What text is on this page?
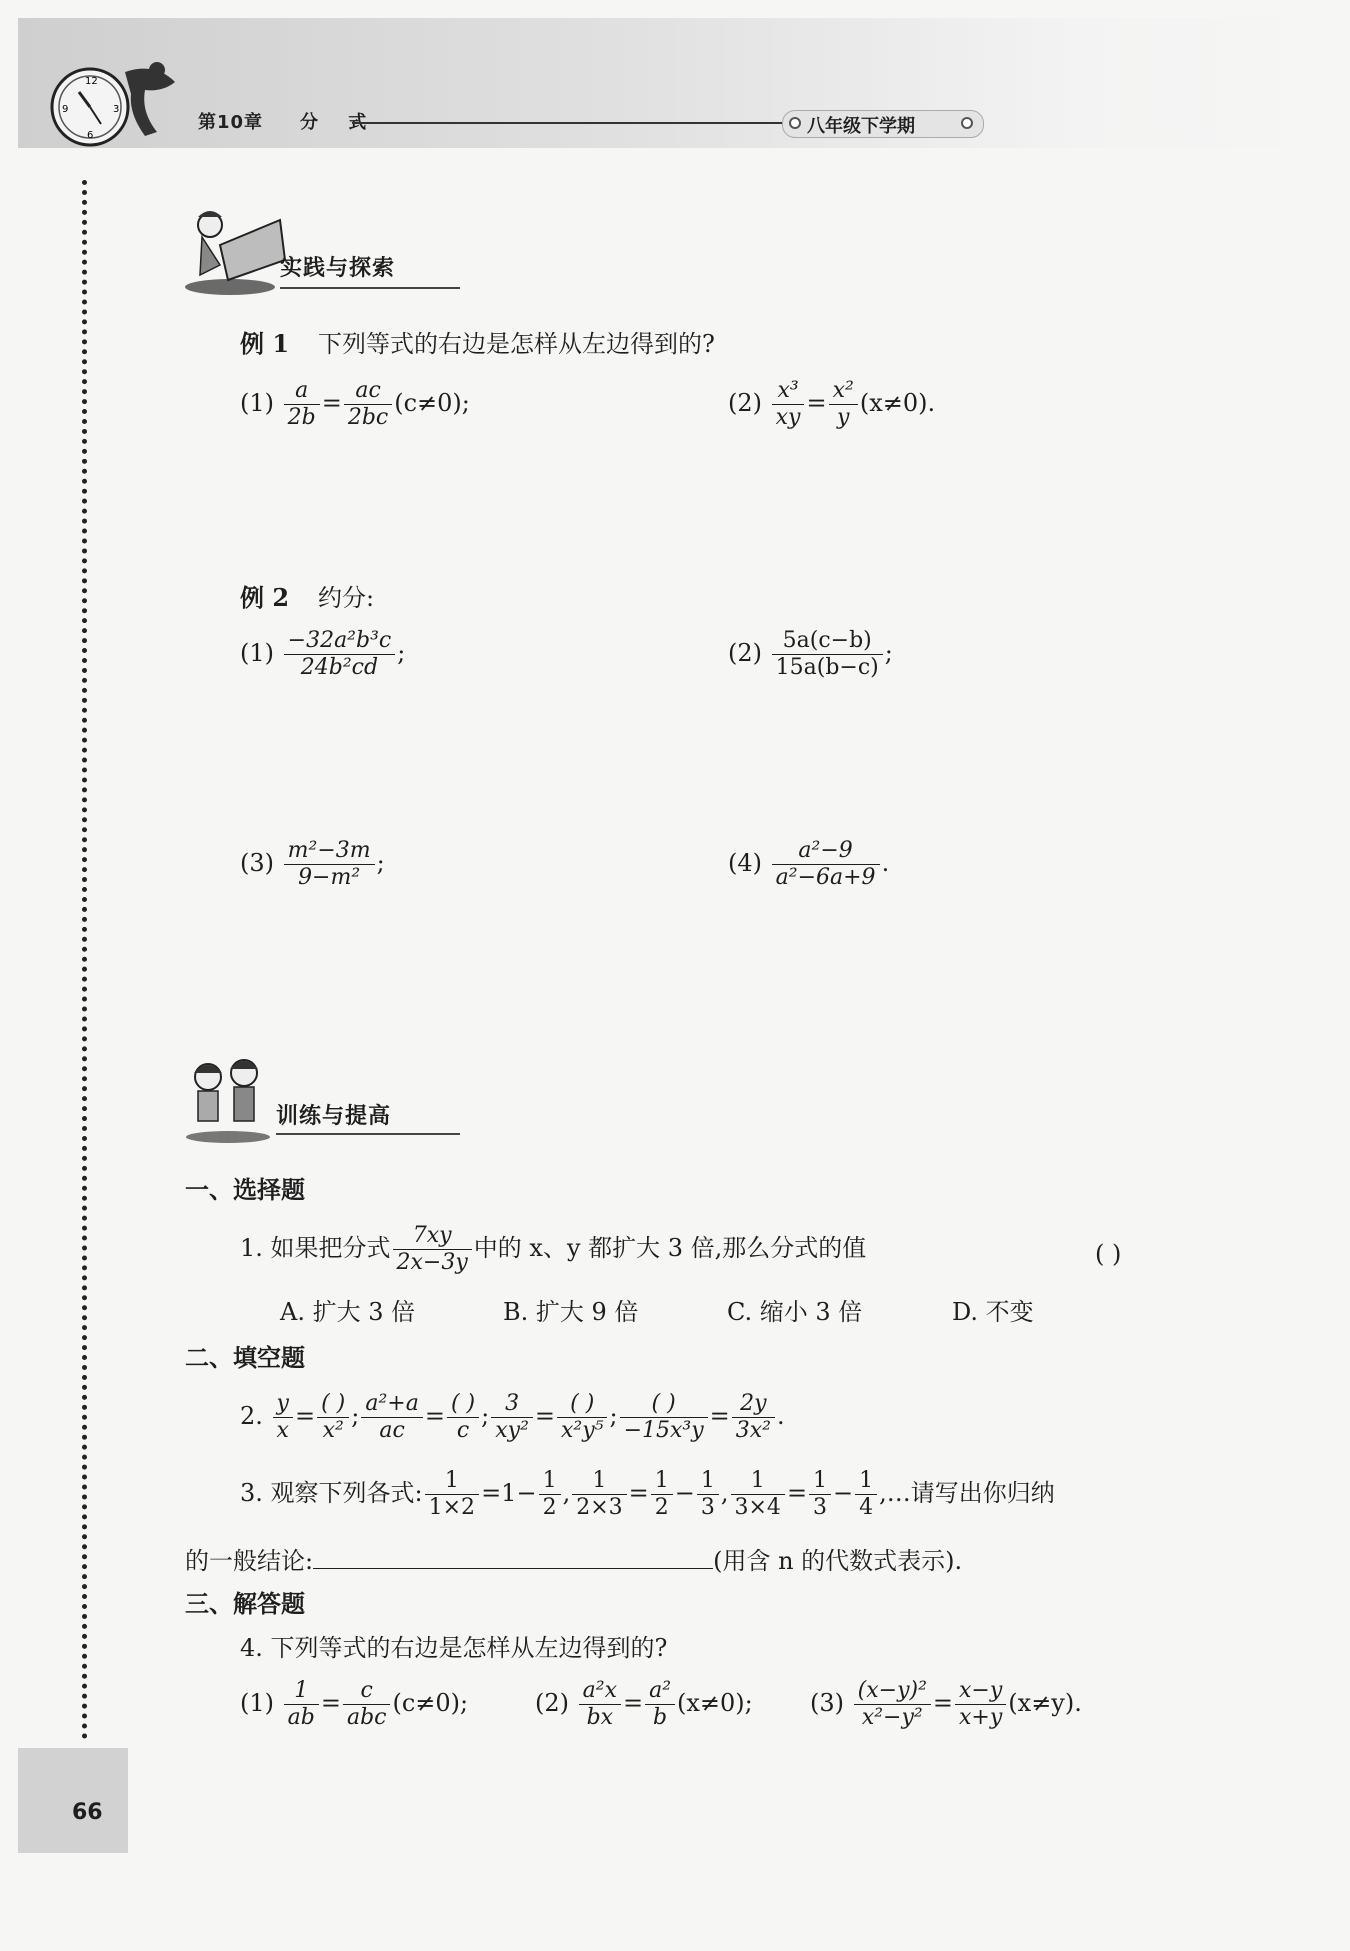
12
3
6
9
第10章 分 式	八年级下学期
实践与探索
例 1 下列等式的右边是怎样从左边得到的?
$(1) \frac{a}{2b} = \frac{ac}{2bc} (c\ne 0)$;	$(2) \frac{\text{x³}}{xy} = \frac{\text{x²}}{y} (x\ne 0)$.
例 2 约分:
$(1) \frac{\text{−32a²b³c}}{\text{24b²cd}}$ ;	$(2) \frac{5a(c-b)}{15a(b-c)}$ ;
$(3) \frac{\text{m²−3m}}{\text{9−m²}}$ ;	$(4) \frac{\text{a²−9}}{\text{a²−6a+9}}$ .
训练与提高
一、选择题
1. 如果把分式 $\frac{7xy}{2x-3y}$ 中的 x、y 都扩大 3 倍,那么分式的值	( )
A. 扩大 3 倍	B. 扩大 9 倍	C. 缩小 3 倍	D. 不变
二、填空题
2. $\frac{y}{x} = \frac{( )}{\text{x²}}$ ; $\frac{\text{a²+a}}{ac} = \frac{( )}{c}$ ; $\frac{3}{\text{xy²}} = \frac{( )}{\text{x²y⁵}}$ ; $\frac{( )}{\text{−15x³y}} = \frac{2y}{\text{3x²}}$ .
3. 观察下列各式: $\frac{1}{1\times 2} =1- \frac{1}{2}$ , $\frac{1}{2\times 3} = \frac{1}{2} - \frac{1}{3}$ , $\frac{1}{3\times 4} = \frac{1}{3} - \frac{1}{4}$ ,…请写出你归纳
的一般结论:	(用含 n 的代数式表示).
三、解答题
4. 下列等式的右边是怎样从左边得到的?
$(1) \frac{1}{ab} = \frac{c}{\text{abc}} (c\ne 0)$;	$(2) \frac{\text{a²x}}{bx} = \frac{\text{a²}}{b} (x\ne 0)$; $(3) \frac{\text{(x−y)²}}{\text{x²−y²}} = \frac{x-y}{x+y} (x\ne y)$.
66
